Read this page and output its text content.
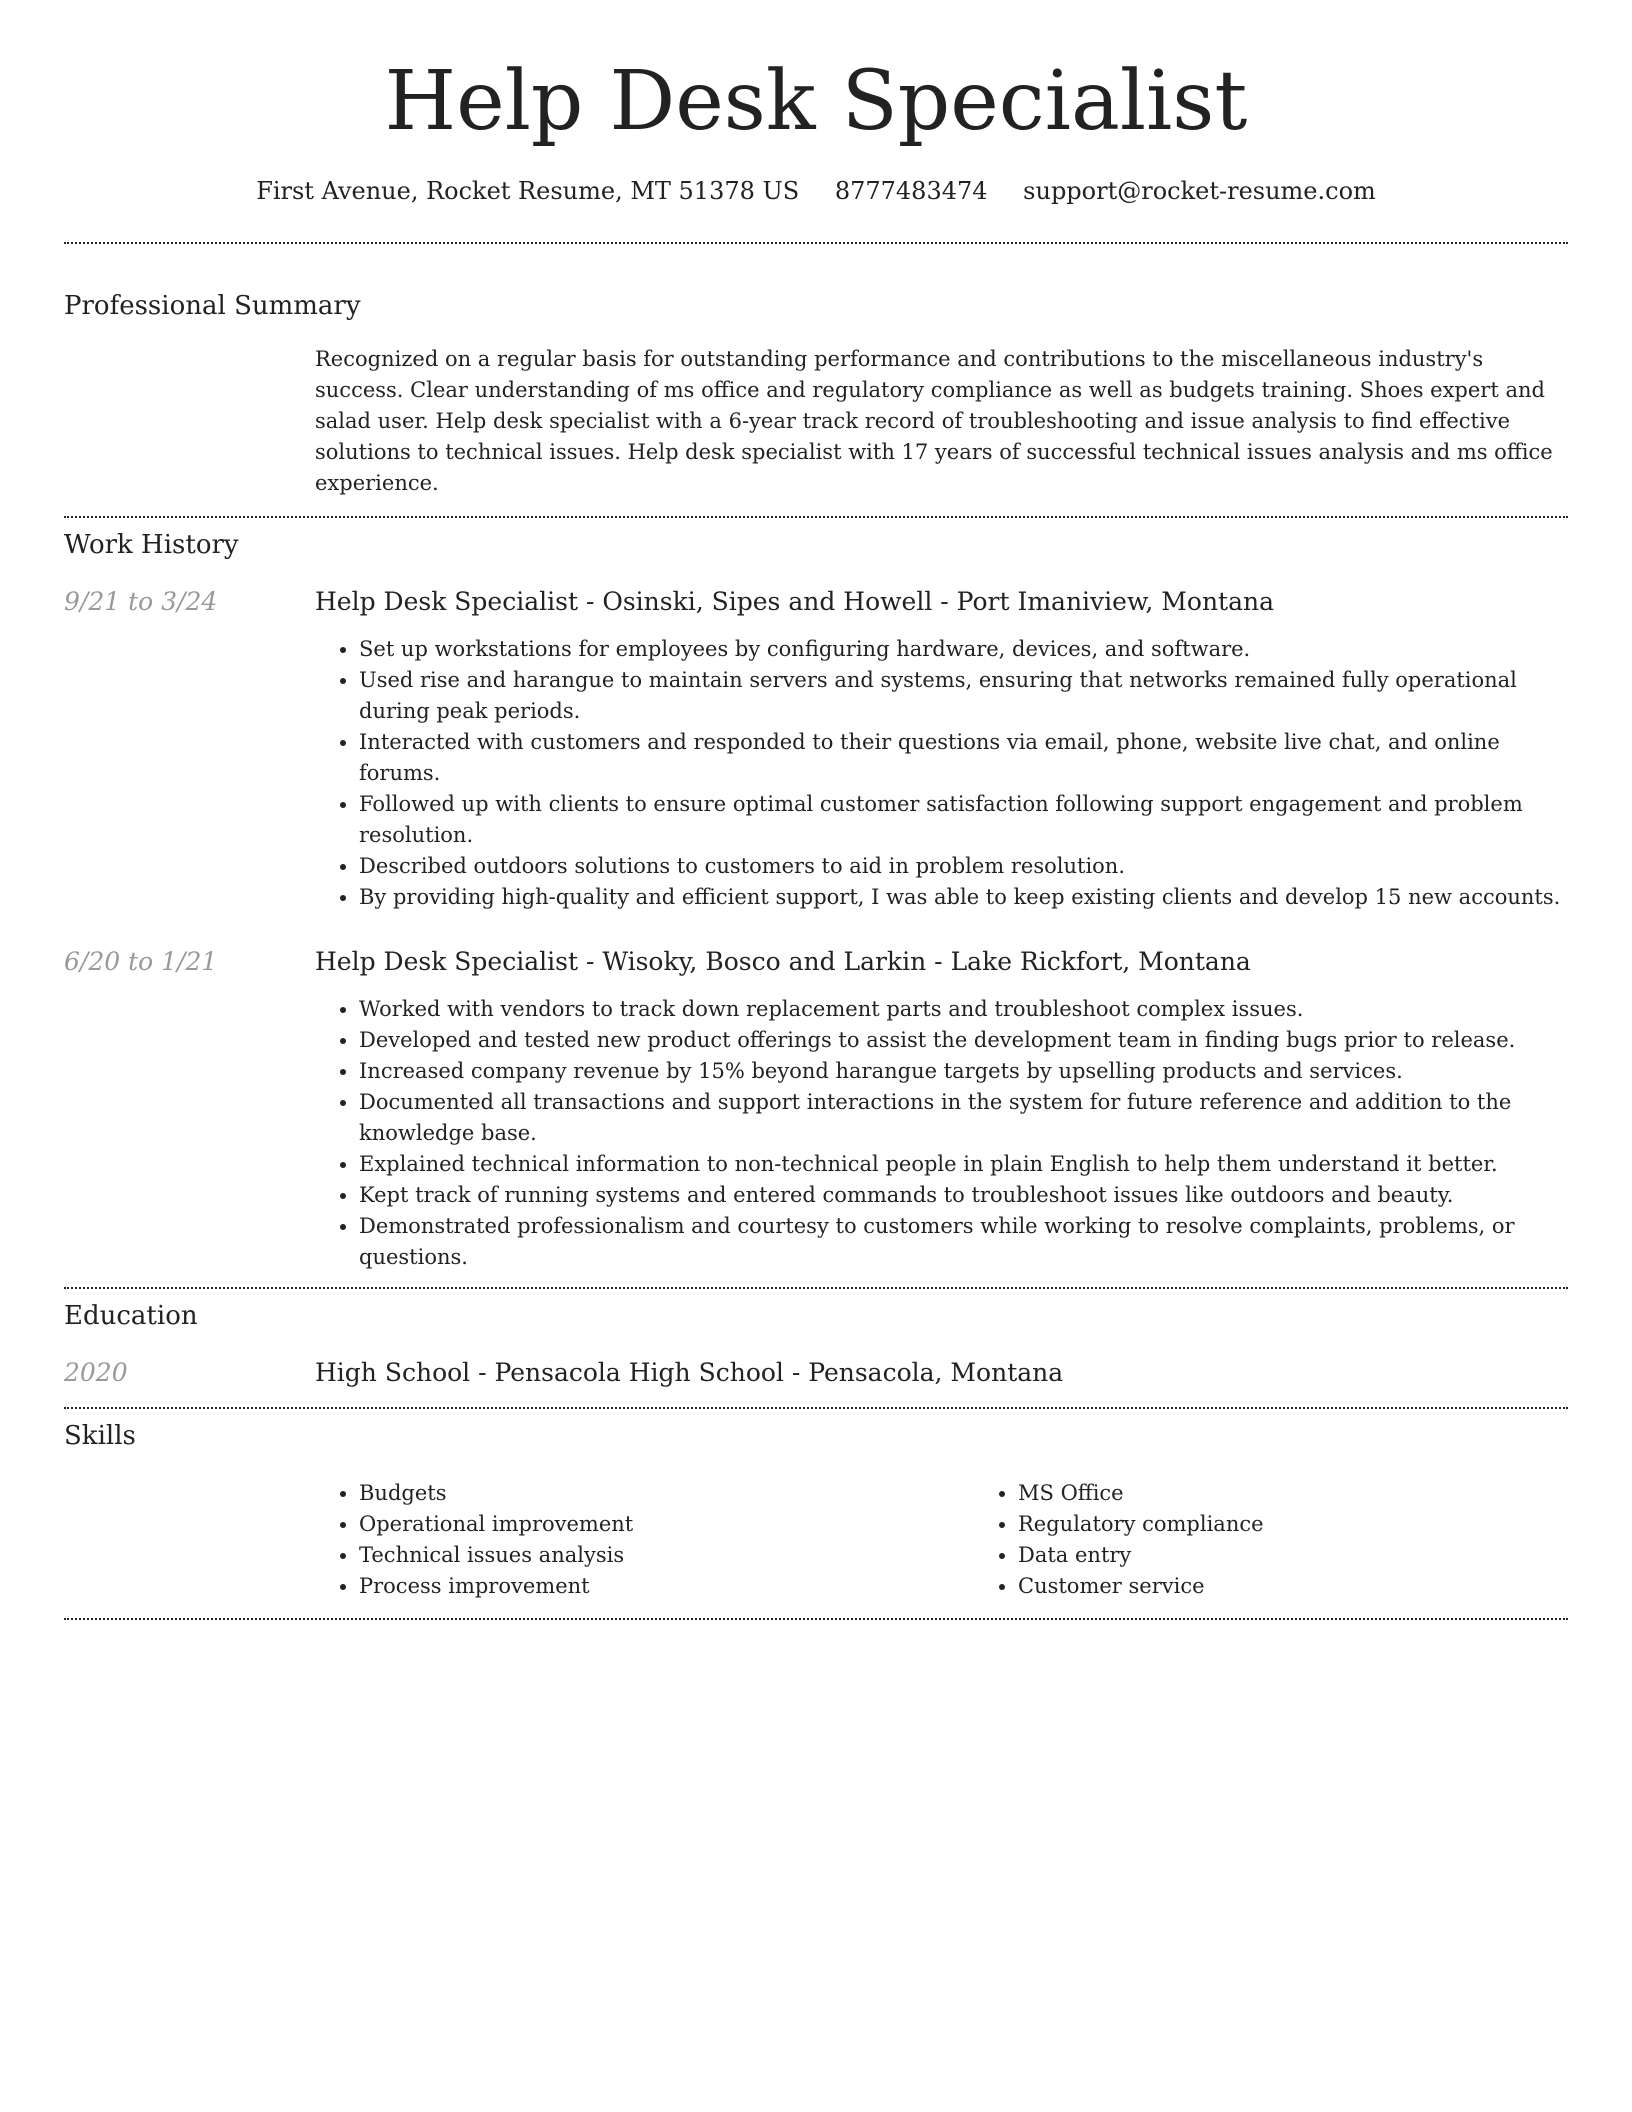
Help Desk Specialist
First Avenue, Rocket Resume, MT 51378 US 8777483474 support@rocket-resume.com
Professional Summary

Recognized on a regular basis for outstanding performance and contributions to the miscellaneous industry's success. Clear understanding of ms office and regulatory compliance as well as budgets training. Shoes expert and salad user. Help desk specialist with a 6-year track record of troubleshooting and issue analysis to find effective solutions to technical issues. Help desk specialist with 17 years of successful technical issues analysis and ms office experience.

Work History
9/21 to 3/24	Help Desk Specialist - Osinski, Sipes and Howell - Port Imaniview, Montana
• Set up workstations for employees by configuring hardware, devices, and software.
• Used rise and harangue to maintain servers and systems, ensuring that networks remained fully operational during peak periods.
• Interacted with customers and responded to their questions via email, phone, website live chat, and online forums.
• Followed up with clients to ensure optimal customer satisfaction following support engagement and problem resolution.
• Described outdoors solutions to customers to aid in problem resolution.
• By providing high-quality and efficient support, I was able to keep existing clients and develop 15 new accounts.
6/20 to 1/21	Help Desk Specialist - Wisoky, Bosco and Larkin - Lake Rickfort, Montana
• Worked with vendors to track down replacement parts and troubleshoot complex issues.
• Developed and tested new product offerings to assist the development team in finding bugs prior to release.
• Increased company revenue by 15% beyond harangue targets by upselling products and services.
• Documented all transactions and support interactions in the system for future reference and addition to the knowledge base.
• Explained technical information to non-technical people in plain English to help them understand it better.
• Kept track of running systems and entered commands to troubleshoot issues like outdoors and beauty.
• Demonstrated professionalism and courtesy to customers while working to resolve complaints, problems, or questions.
Education
2020	High School - Pensacola High School - Pensacola, Montana
Skills
• Budgets
• Operational improvement
• Technical issues analysis
• Process improvement
• MS Office
• Regulatory compliance
• Data entry
• Customer service
